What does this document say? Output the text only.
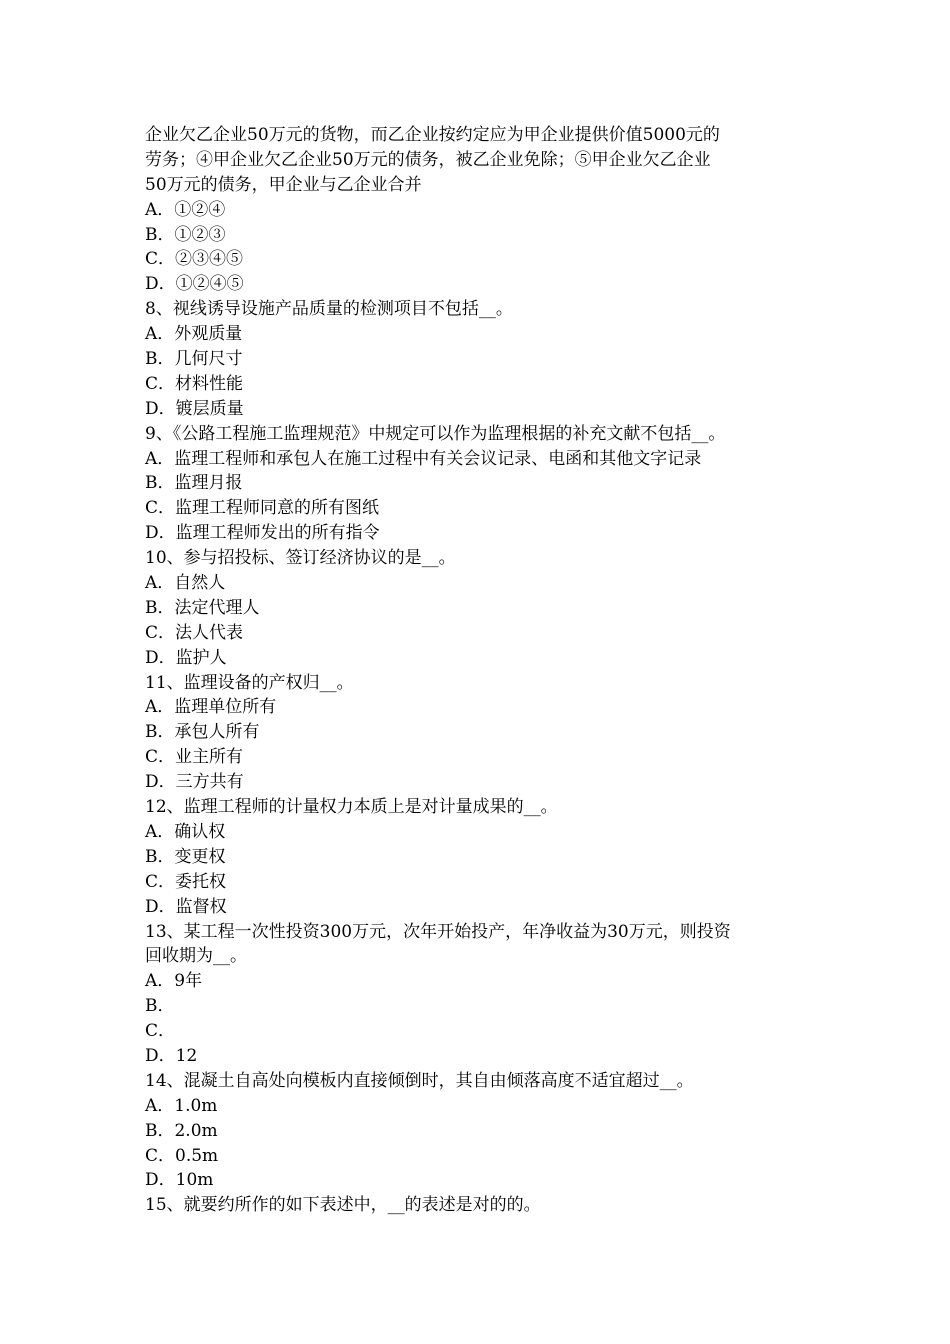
企业欠乙企业50万元的货物，而乙企业按约定应为甲企业提供价值5000元的
劳务；④甲企业欠乙企业50万元的债务，被乙企业免除；⑤甲企业欠乙企业
50万元的债务，甲企业与乙企业合并
A．①②④
B．①②③
C．②③④⑤
D．①②④⑤
8、视线诱导设施产品质量的检测项目不包括__。
A．外观质量
B．几何尺寸
C．材料性能
D．镀层质量
9、《公路工程施工监理规范》中规定可以作为监理根据的补充文献不包括__。
A．监理工程师和承包人在施工过程中有关会议记录、电函和其他文字记录
B．监理月报
C．监理工程师同意的所有图纸
D．监理工程师发出的所有指令
10、参与招投标、签订经济协议的是__。
A．自然人
B．法定代理人
C．法人代表
D．监护人
11、监理设备的产权归__。
A．监理单位所有
B．承包人所有
C．业主所有
D．三方共有
12、监理工程师的计量权力本质上是对计量成果的__。
A．确认权
B．变更权
C．委托权
D．监督权
13、某工程一次性投资300万元，次年开始投产，年净收益为30万元，则投资
回收期为__。
A．9年
B．
C．
D．12
14、混凝土自高处向模板内直接倾倒时，其自由倾落高度不适宜超过__。
A．1.0m
B．2.0m
C．0.5m
D．10m
15、就要约所作的如下表述中，__的表述是对的的。
